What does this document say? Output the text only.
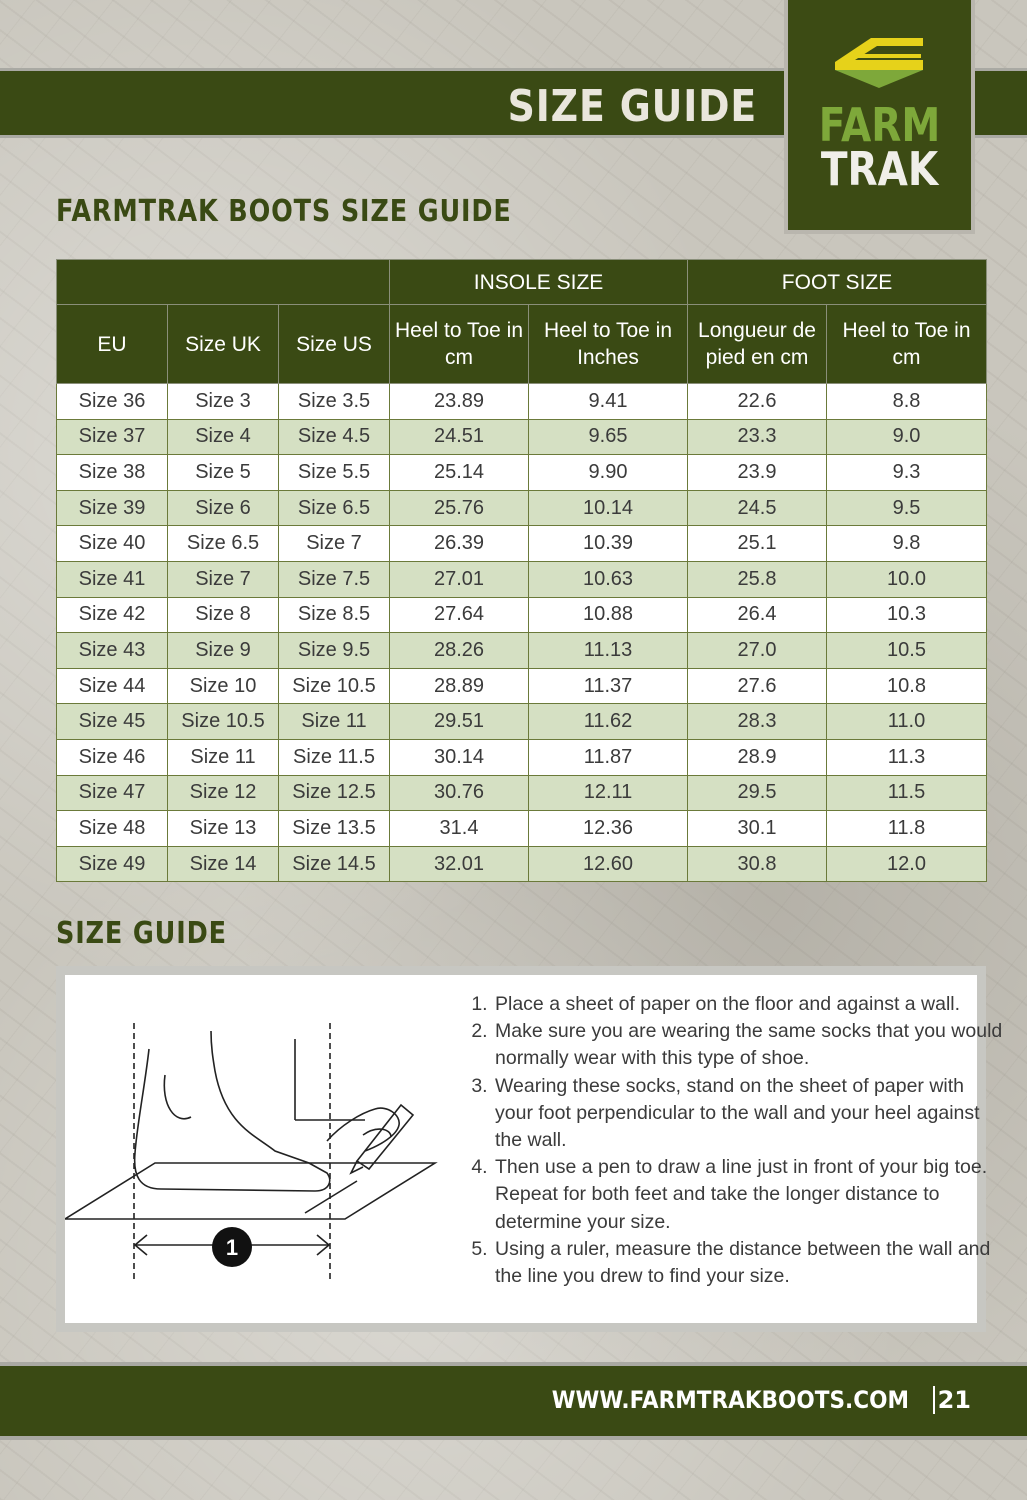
SIZE GUIDE	FARM
TRAK
FARMTRAK BOOTS SIZE GUIDE
			INSOLE SIZE		FOOT SIZE	
EU	Size UK	Size US	Heel to Toe in cm	Heel to Toe in Inches	Longueur de pied en cm	Heel to Toe in cm
Size 36	Size 3	Size 3.5	23.89	9.41	22.6	8.8
Size 37	Size 4	Size 4.5	24.51	9.65	23.3	9.0
Size 38	Size 5	Size 5.5	25.14	9.90	23.9	9.3
Size 39	Size 6	Size 6.5	25.76	10.14	24.5	9.5
Size 40	Size 6.5	Size 7	26.39	10.39	25.1	9.8
Size 41	Size 7	Size 7.5	27.01	10.63	25.8	10.0
Size 42	Size 8	Size 8.5	27.64	10.88	26.4	10.3
Size 43	Size 9	Size 9.5	28.26	11.13	27.0	10.5
Size 44	Size 10	Size 10.5	28.89	11.37	27.6	10.8
Size 45	Size 10.5	Size 11	29.51	11.62	28.3	11.0
Size 46	Size 11	Size 11.5	30.14	11.87	28.9	11.3
Size 47	Size 12	Size 12.5	30.76	12.11	29.5	11.5
Size 48	Size 13	Size 13.5	31.4	12.36	30.1	11.8
Size 49	Size 14	Size 14.5	32.01	12.60	30.8	12.0
SIZE GUIDE
1
1. Place a sheet of paper on the floor and against a wall.
2. Make sure you are wearing the same socks that you would normally wear with this type of shoe.
3. Wearing these socks, stand on the sheet of paper with your foot perpendicular to the wall and your heel against the wall.
4. Then use a pen to draw a line just in front of your big toe. Repeat for both feet and take the longer distance to determine your size.
5. Using a ruler, measure the distance between the wall and the line you drew to find your size.
WWW.FARMTRAKBOOTS.COM 21
